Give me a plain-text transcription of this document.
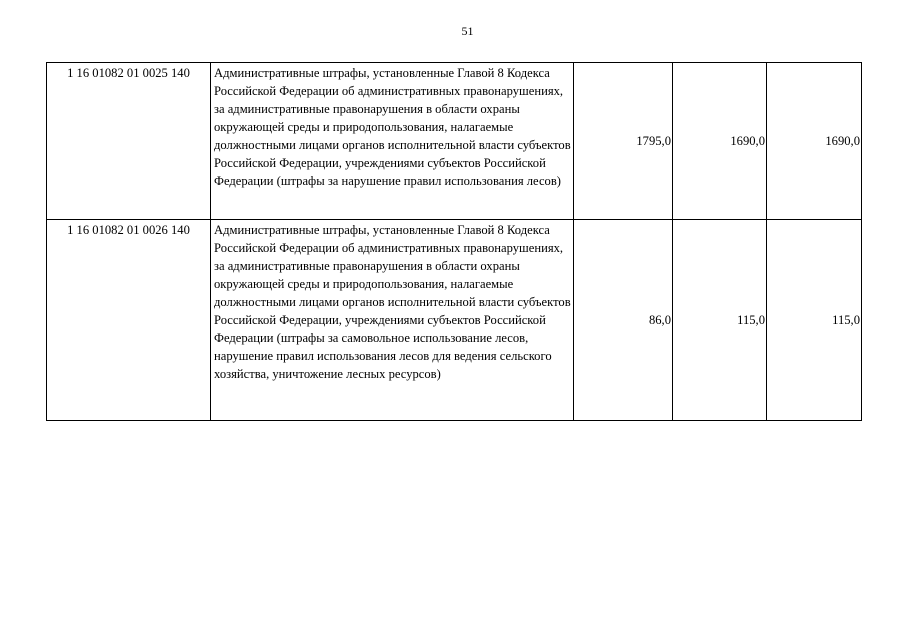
51
1 16 01082 01 0025 140	Административные штрафы, установленные Главой 8 Кодекса Российской Федерации об административных правонарушениях, за административные правонарушения в области охраны окружающей среды и природопользования, налагаемые должностными лицами органов исполнительной власти субъектов Российской Федерации, учреждениями субъектов Российской Федерации (штрафы за нарушение правил использования лесов)	1795,0	1690,0	1690,0
1 16 01082 01 0026 140	Административные штрафы, установленные Главой 8 Кодекса Российской Федерации об административных правонарушениях, за административные правонарушения в области охраны окружающей среды и природопользования, налагаемые должностными лицами органов исполнительной власти субъектов Российской Федерации, учреждениями субъектов Российской Федерации (штрафы за самовольное использование лесов, нарушение правил использования лесов для ведения сельского хозяйства, уничтожение лесных ресурсов)	86,0	115,0	115,0
